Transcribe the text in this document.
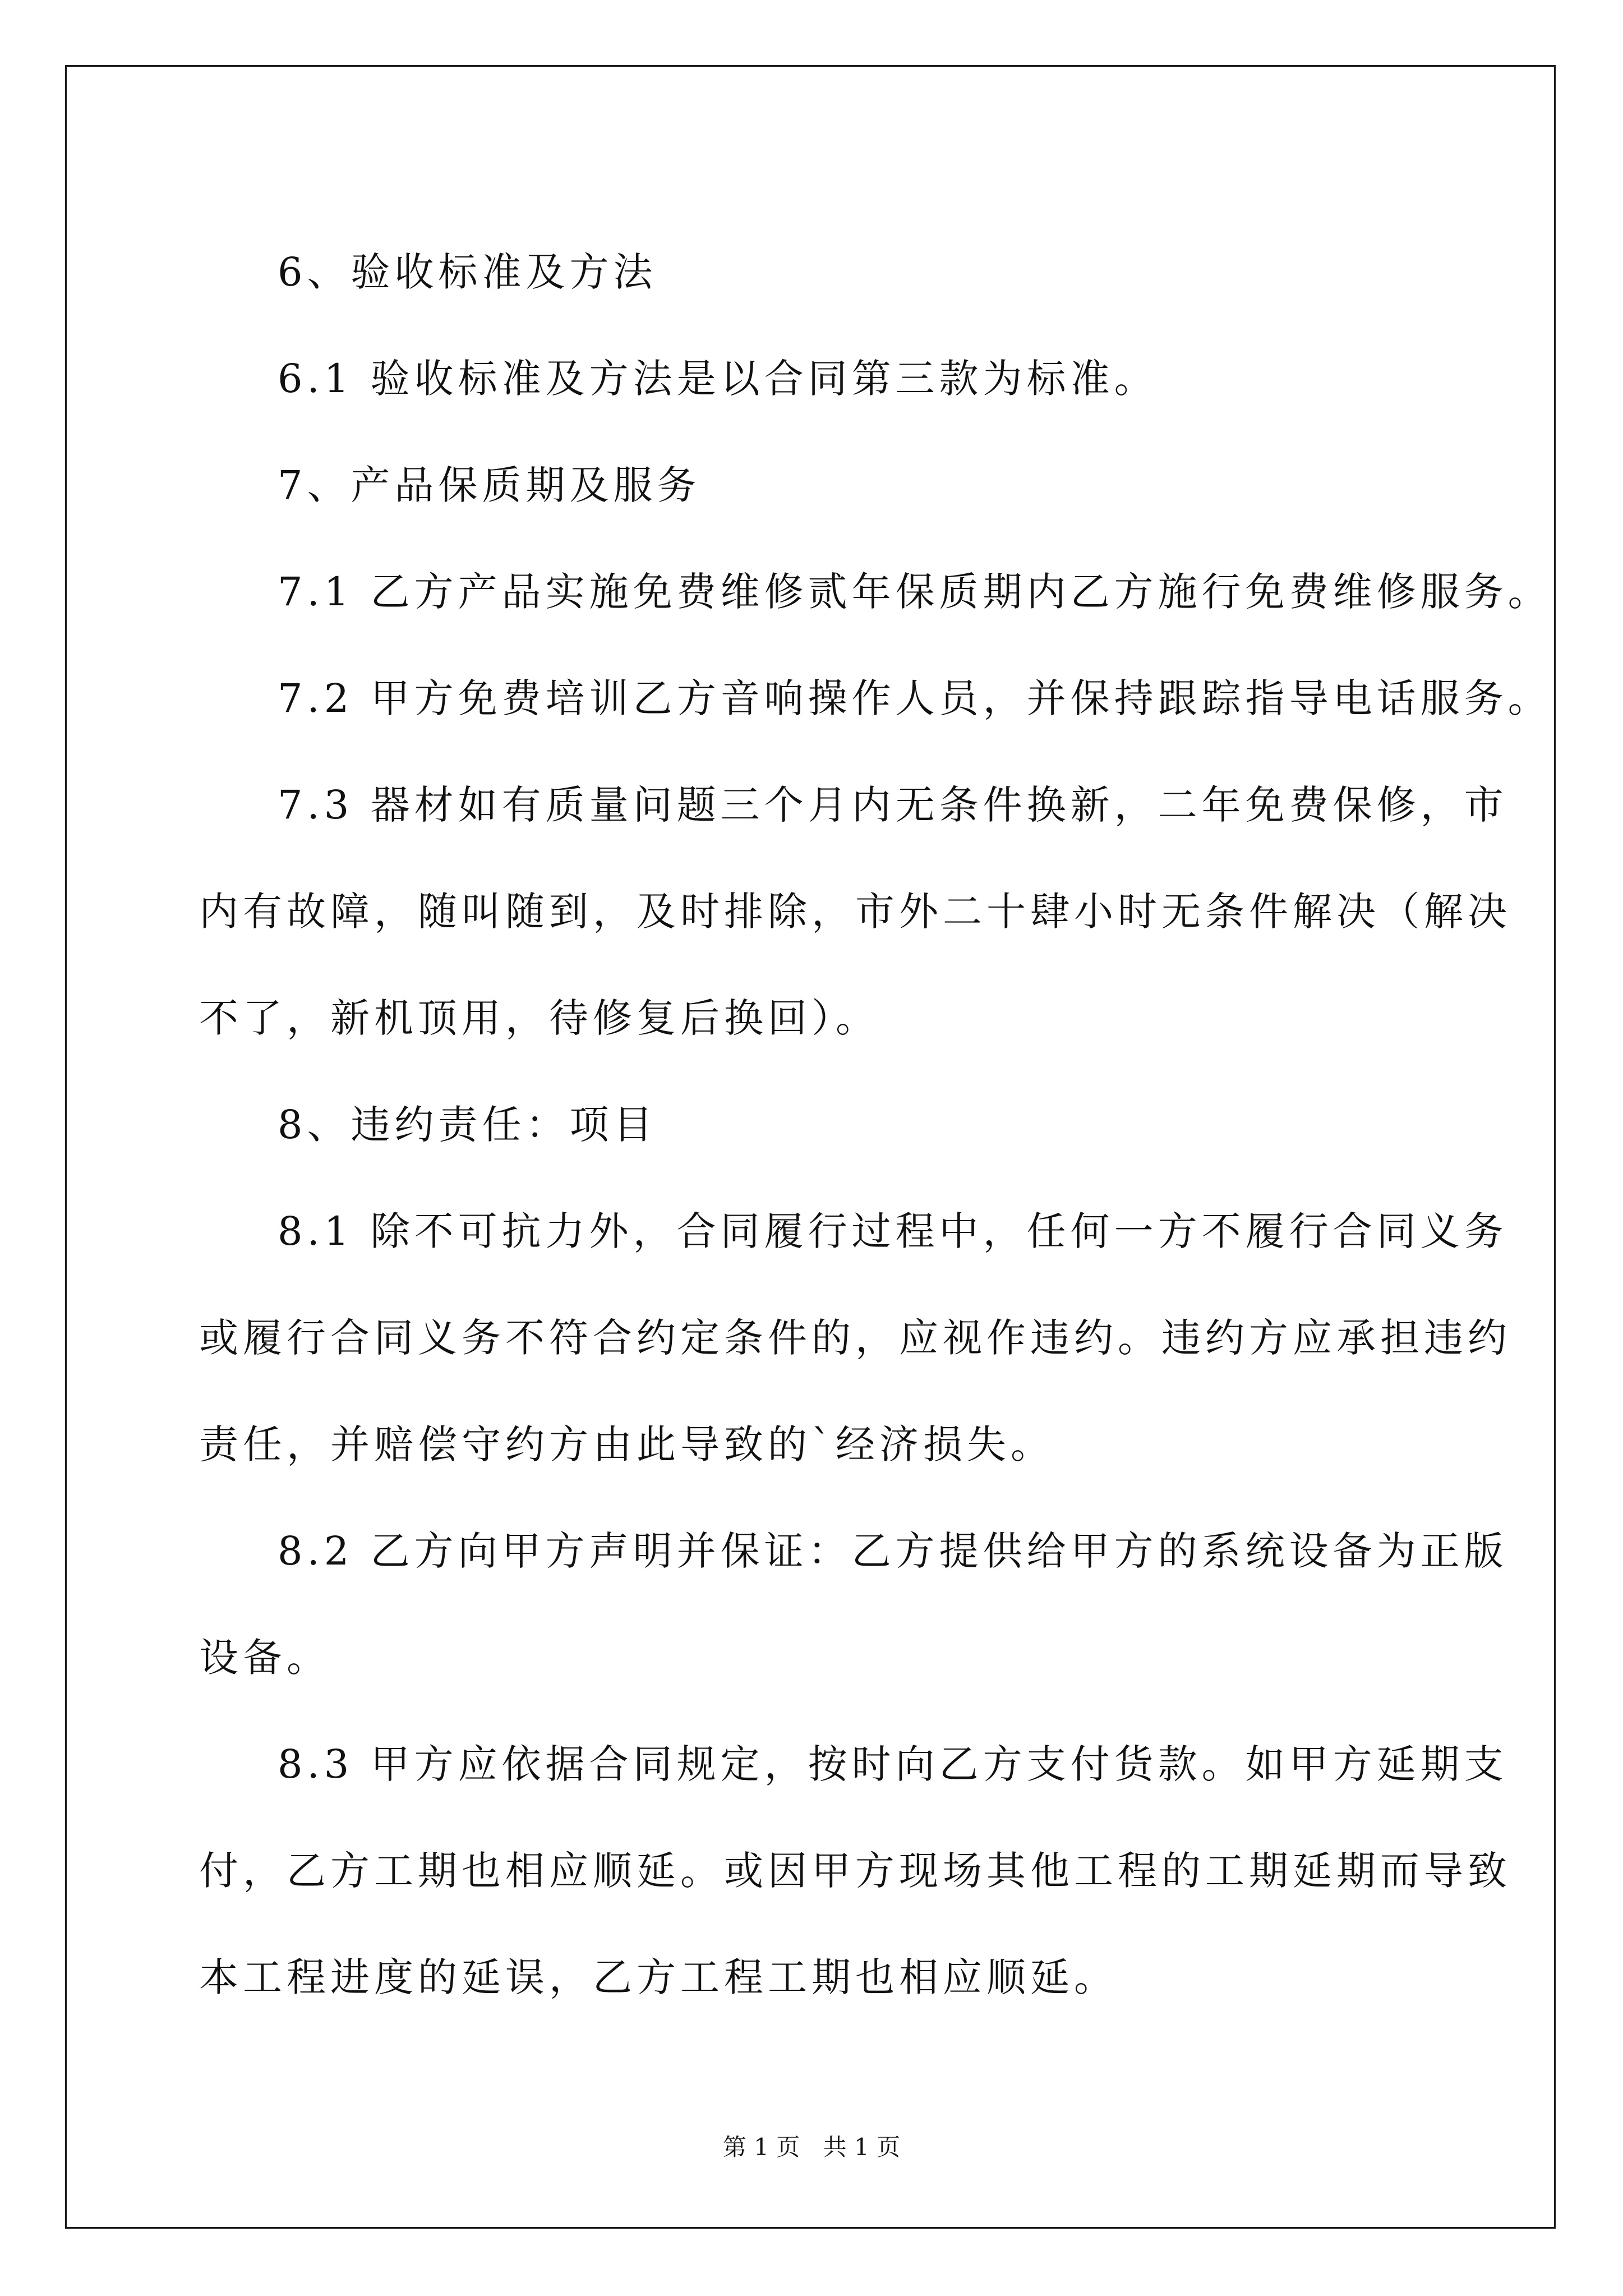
6、验收标准及方法

6.1 验收标准及方法是以合同第三款为标准。

7、产品保质期及服务

7.1 乙方产品实施免费维修贰年保质期内乙方施行免费维修服务。

7.2 甲方免费培训乙方音响操作人员，并保持跟踪指导电话服务。

7.3 器材如有质量问题三个月内无条件换新，二年免费保修，市

内有故障，随叫随到，及时排除，市外二十肆小时无条件解决（解决

不了，新机顶用，待修复后换回）。

8、违约责任：项目

8.1 除不可抗力外，合同履行过程中，任何一方不履行合同义务

或履行合同义务不符合约定条件的，应视作违约。违约方应承担违约

责任，并赔偿守约方由此导致的`经济损失。

8.2 乙方向甲方声明并保证：乙方提供给甲方的系统设备为正版

设备。

8.3 甲方应依据合同规定，按时向乙方支付货款。如甲方延期支

付，乙方工期也相应顺延。或因甲方现场其他工程的工期延期而导致

本工程进度的延误，乙方工程工期也相应顺延。

第 1 页 共 1 页
